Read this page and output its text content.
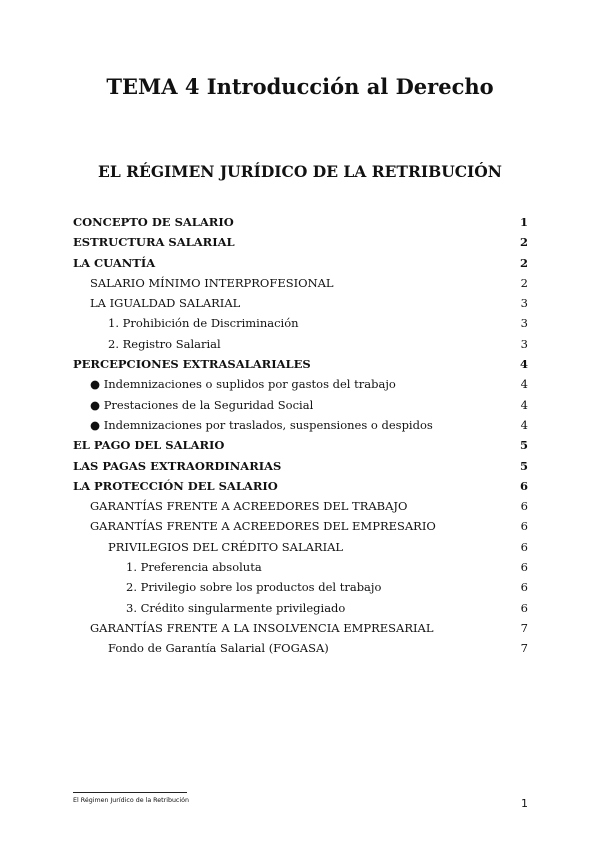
TEMA 4 Introducción al Derecho
EL RÉGIMEN JURÍDICO DE LA RETRIBUCIÓN
CONCEPTO DE SALARIO	1
ESTRUCTURA SALARIAL	2
LA CUANTÍA	2
SALARIO MÍNIMO INTERPROFESIONAL	2
LA IGUALDAD SALARIAL	3
1. Prohibición de Discriminación	3
2. Registro Salarial	3
PERCEPCIONES EXTRASALARIALES	4
● Indemnizaciones o suplidos por gastos del trabajo	4
● Prestaciones de la Seguridad Social	4
● Indemnizaciones por traslados, suspensiones o despidos	4
EL PAGO DEL SALARIO	5
LAS PAGAS EXTRAORDINARIAS	5
LA PROTECCIÓN DEL SALARIO	6
GARANTÍAS FRENTE A ACREEDORES DEL TRABAJO	6
GARANTÍAS FRENTE A ACREEDORES DEL EMPRESARIO	6
PRIVILEGIOS DEL CRÉDITO SALARIAL	6
1. Preferencia absoluta	6
2. Privilegio sobre los productos del trabajo	6
3. Crédito singularmente privilegiado	6
GARANTÍAS FRENTE A LA INSOLVENCIA EMPRESARIAL	7
Fondo de Garantía Salarial (FOGASA)	7
El Régimen Jurídico de la Retribución	1
